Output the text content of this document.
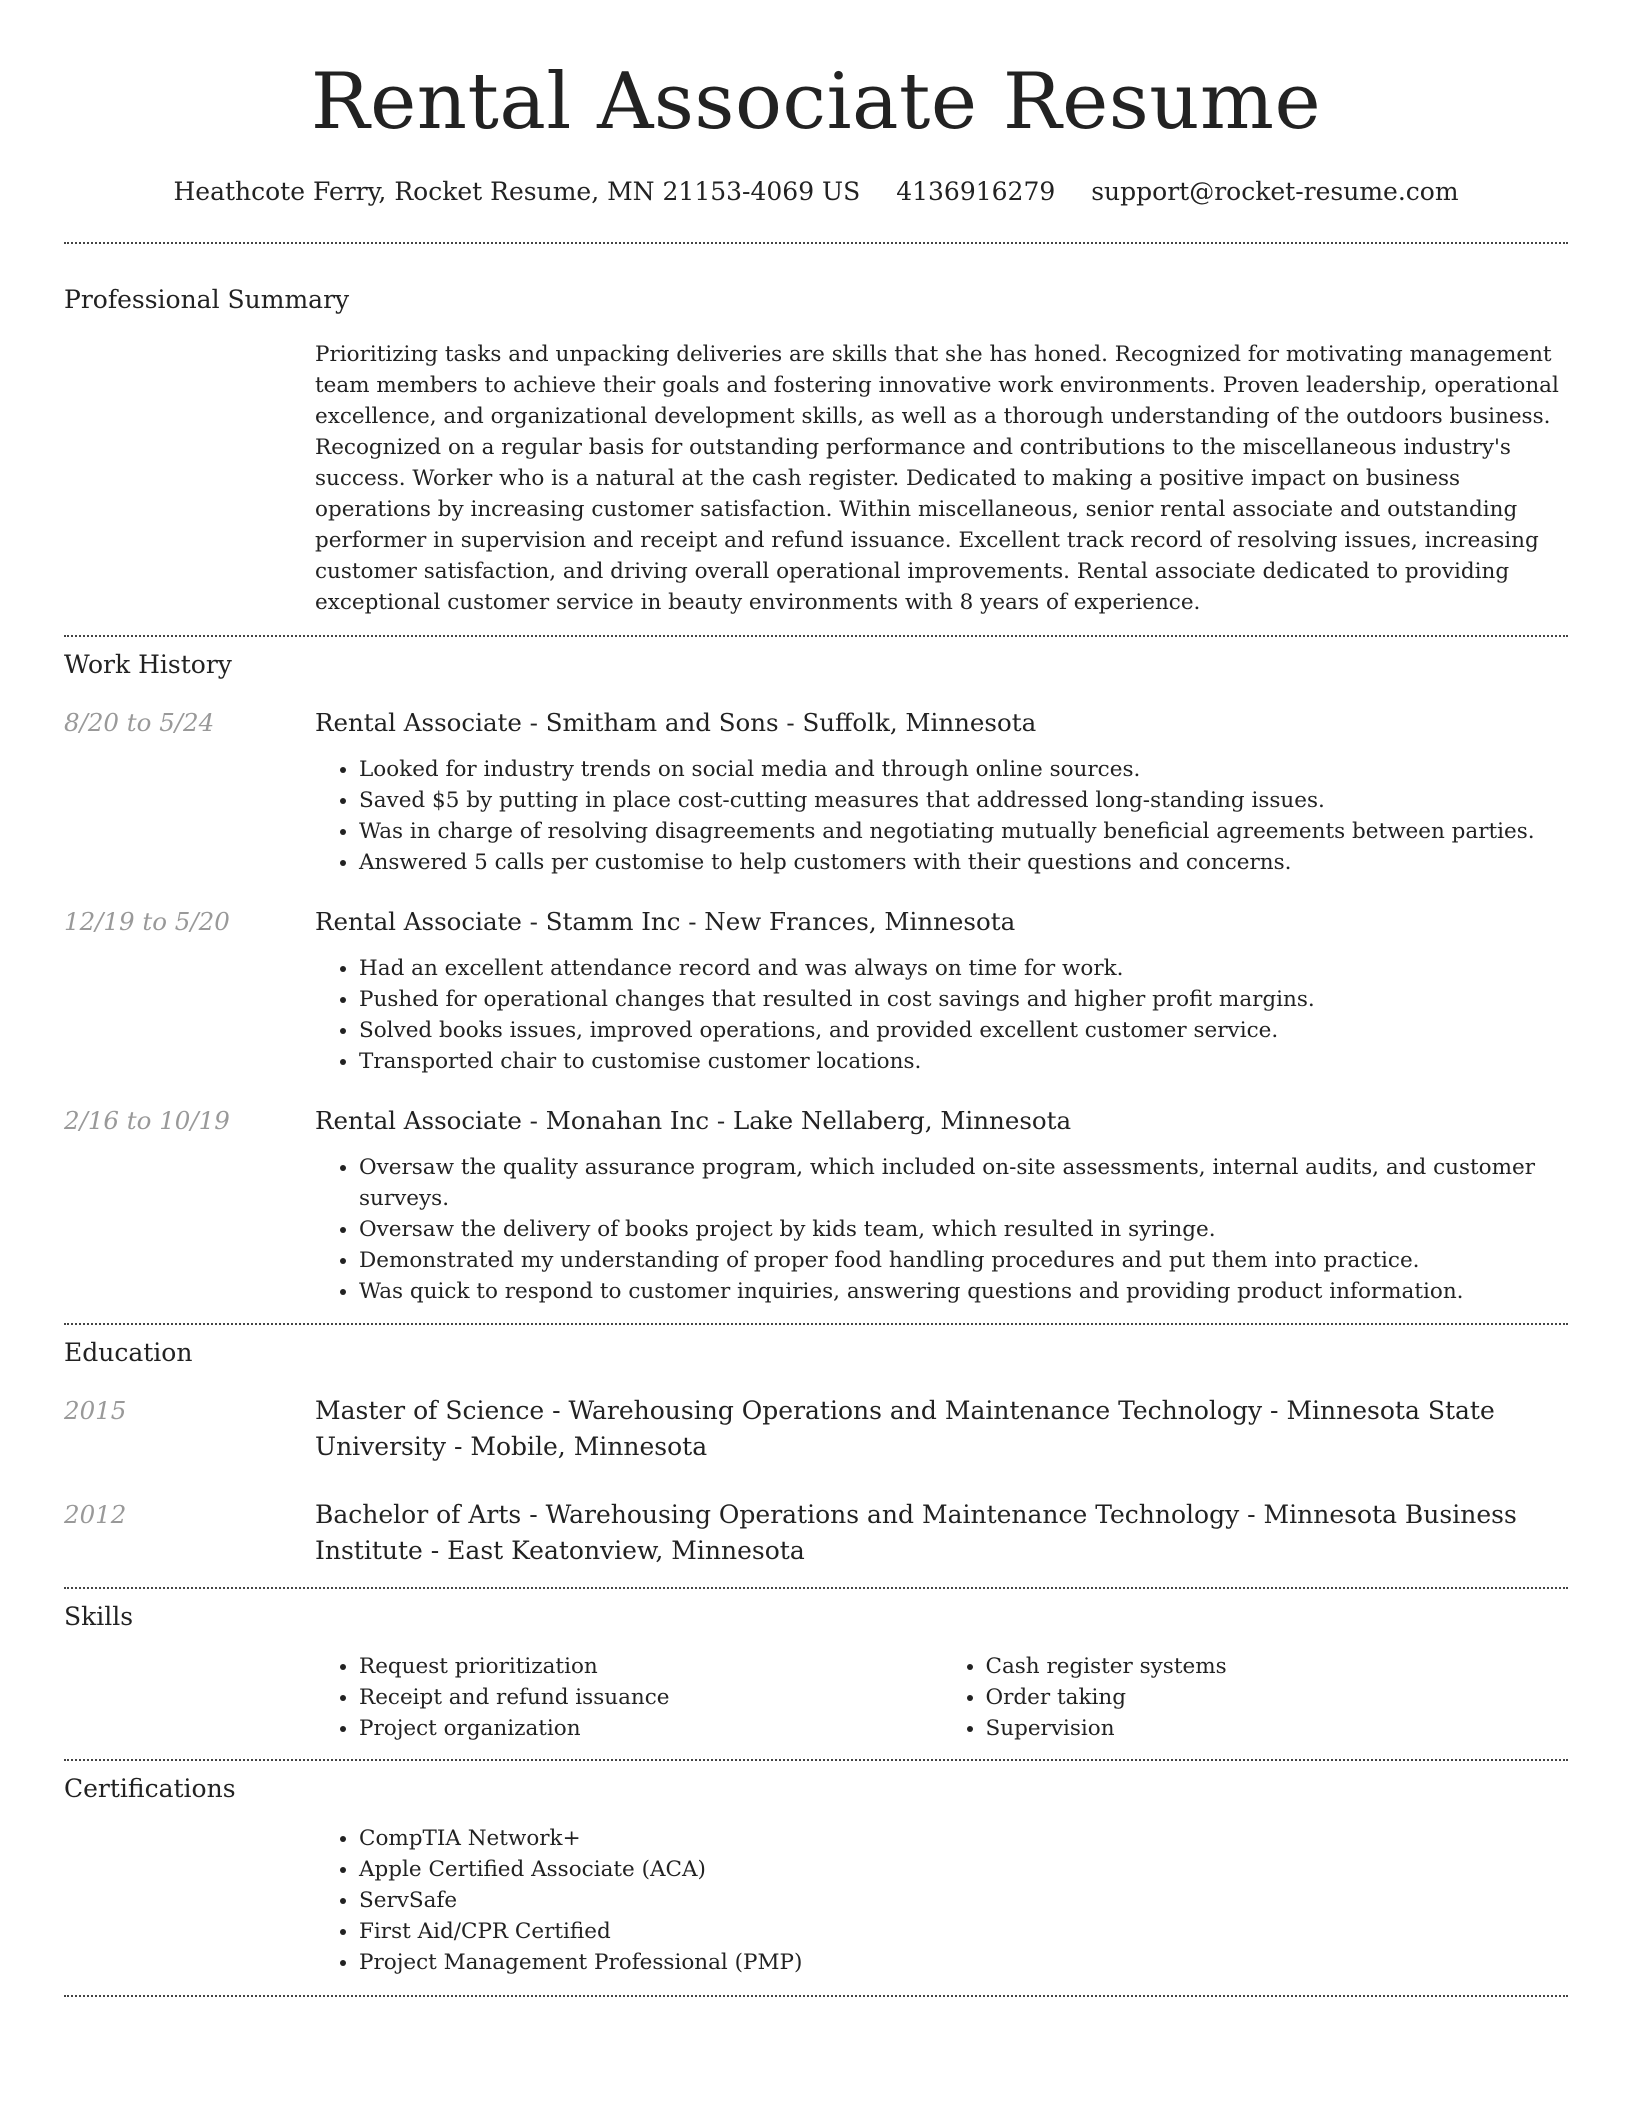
Rental Associate Resume
Heathcote Ferry, Rocket Resume, MN 21153-4069 US 4136916279 support@rocket-resume.com
Professional Summary

Prioritizing tasks and unpacking deliveries are skills that she has honed. Recognized for motivating management team members to achieve their goals and fostering innovative work environments. Proven leadership, operational excellence, and organizational development skills, as well as a thorough understanding of the outdoors business. Recognized on a regular basis for outstanding performance and contributions to the miscellaneous industry's success. Worker who is a natural at the cash register. Dedicated to making a positive impact on business operations by increasing customer satisfaction. Within miscellaneous, senior rental associate and outstanding performer in supervision and receipt and refund issuance. Excellent track record of resolving issues, increasing customer satisfaction, and driving overall operational improvements. Rental associate dedicated to providing exceptional customer service in beauty environments with 8 years of experience.

Work History
8/20 to 5/24	Rental Associate - Smitham and Sons - Suffolk, Minnesota
• Looked for industry trends on social media and through online sources.
• Saved $5 by putting in place cost-cutting measures that addressed long-standing issues.
• Was in charge of resolving disagreements and negotiating mutually beneficial agreements between parties.
• Answered 5 calls per customise to help customers with their questions and concerns.
12/19 to 5/20	Rental Associate - Stamm Inc - New Frances, Minnesota
• Had an excellent attendance record and was always on time for work.
• Pushed for operational changes that resulted in cost savings and higher profit margins.
• Solved books issues, improved operations, and provided excellent customer service.
• Transported chair to customise customer locations.
2/16 to 10/19	Rental Associate - Monahan Inc - Lake Nellaberg, Minnesota
• Oversaw the quality assurance program, which included on-site assessments, internal audits, and customer surveys.
• Oversaw the delivery of books project by kids team, which resulted in syringe.
• Demonstrated my understanding of proper food handling procedures and put them into practice.
• Was quick to respond to customer inquiries, answering questions and providing product information.
Education
2015	Master of Science - Warehousing Operations and Maintenance Technology - Minnesota State University - Mobile, Minnesota
2012	Bachelor of Arts - Warehousing Operations and Maintenance Technology - Minnesota Business Institute - East Keatonview, Minnesota
Skills
• Request prioritization
• Receipt and refund issuance
• Project organization
• Cash register systems
• Order taking
• Supervision
Certifications
• CompTIA Network+
• Apple Certified Associate (ACA)
• ServSafe
• First Aid/CPR Certified
• Project Management Professional (PMP)
